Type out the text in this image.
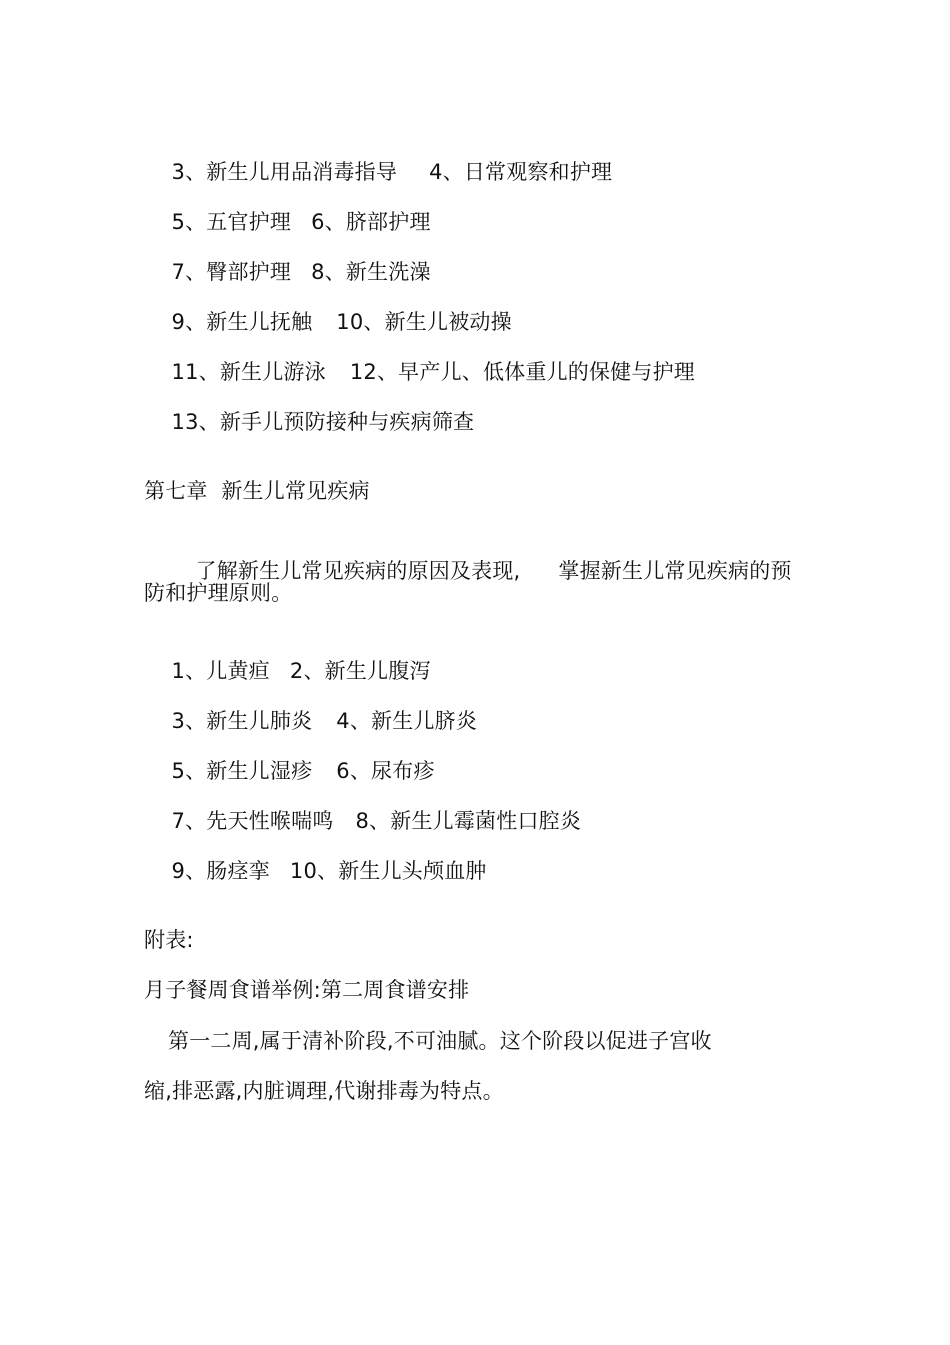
3、新生儿用品消毒指导 4、日常观察和护理

5、五官护理 6、脐部护理

7、臀部护理 8、新生洗澡

9、新生儿抚触 10、新生儿被动操

11、新生儿游泳 12、早产儿、低体重儿的保健与护理

13、新手儿预防接种与疾病筛查

第七章  新生儿常见疾病

了解新生儿常见疾病的原因及表现, 掌握新生儿常见疾病的预

防和护理原则。

1、儿黄疸 2、新生儿腹泻

3、新生儿肺炎 4、新生儿脐炎

5、新生儿湿疹 6、尿布疹

7、先天性喉喘鸣 8、新生儿霉菌性口腔炎

9、肠痉挛 10、新生儿头颅血肿

附表:
月子餐周食谱举例:第二周食谱安排
第一二周,属于清补阶段,不可油腻。这个阶段以促进子宫收
缩,排恶露,内脏调理,代谢排毒为特点。
